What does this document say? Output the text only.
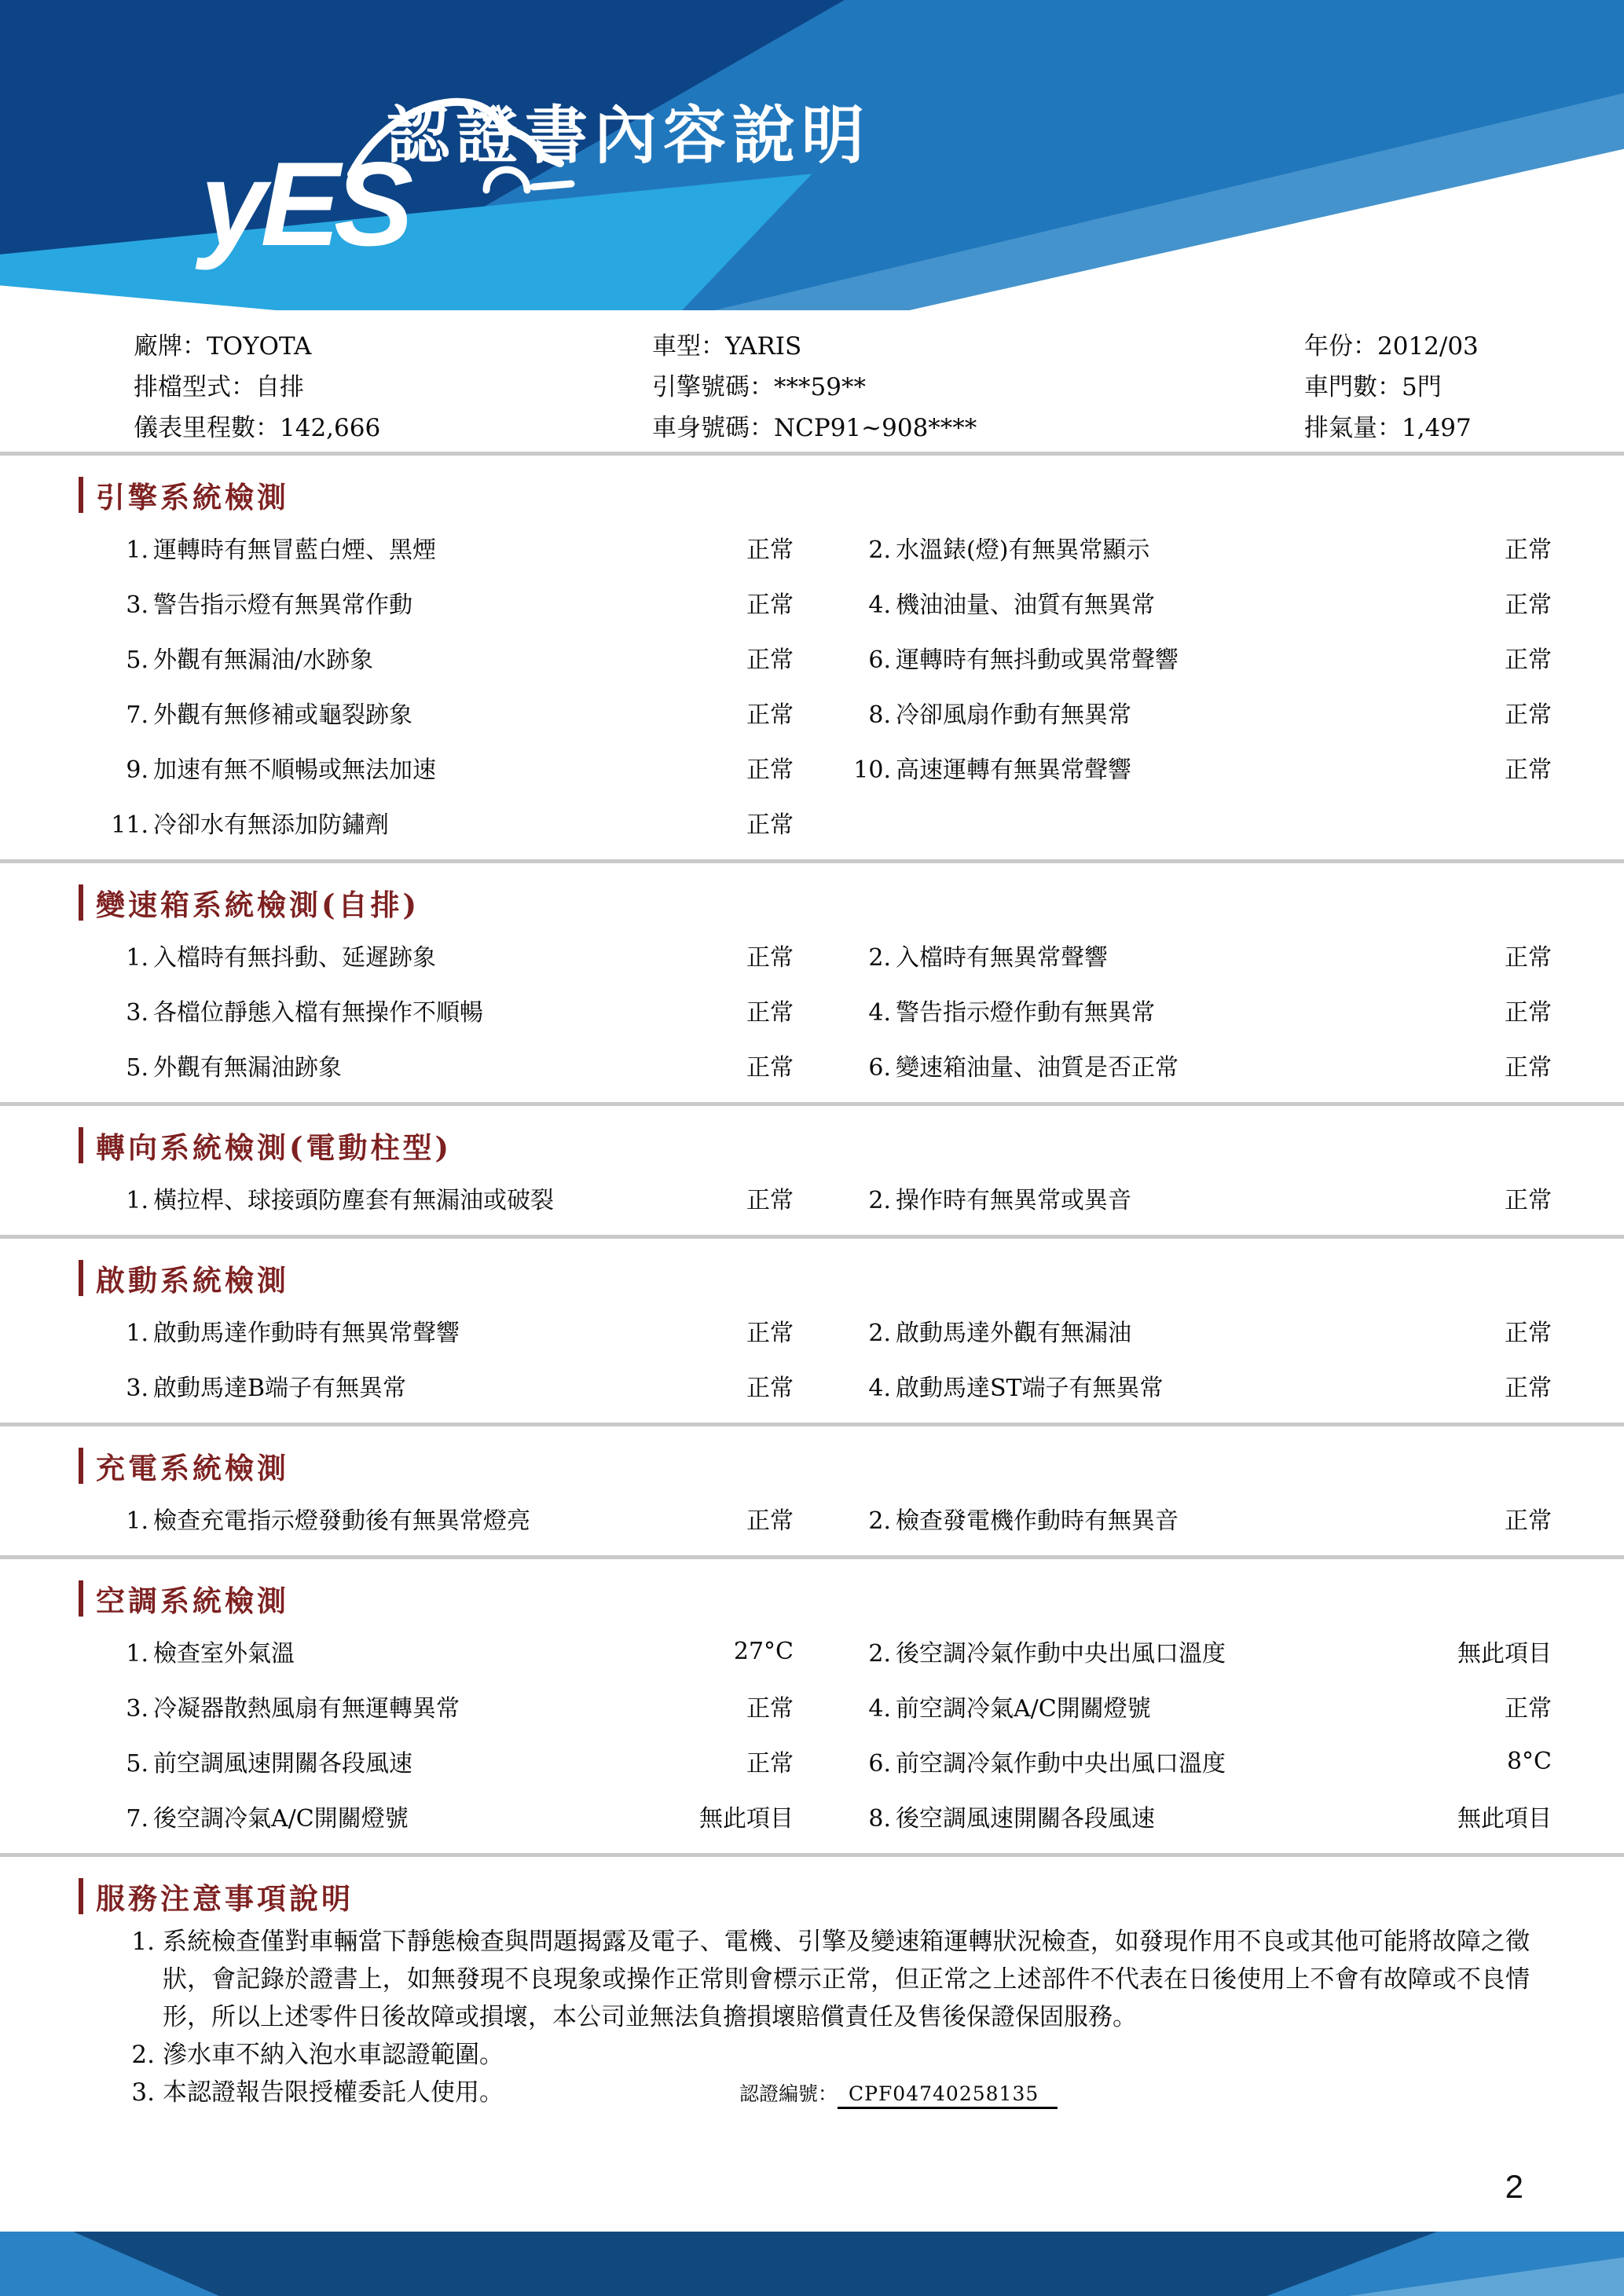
yES
認證書內容說明
廠牌：TOYOTA	車型：YARIS	年份：2012/03
排檔型式：自排	引擎號碼：***59**	車門數：5門
儀表里程數：142,666	車身號碼：NCP91~908****	排氣量：1,497
引擎系統檢測
1. 運轉時有無冒藍白煙、黑煙	正常	2. 水溫錶(燈)有無異常顯示	正常
3. 警告指示燈有無異常作動	正常	4. 機油油量、油質有無異常	正常
5. 外觀有無漏油/水跡象	正常	6. 運轉時有無抖動或異常聲響	正常
7. 外觀有無修補或龜裂跡象	正常	8. 冷卻風扇作動有無異常	正常
9. 加速有無不順暢或無法加速	正常	10. 高速運轉有無異常聲響	正常
11. 冷卻水有無添加防鏽劑	正常
變速箱系統檢測(自排)
1. 入檔時有無抖動、延遲跡象	正常	2. 入檔時有無異常聲響	正常
3. 各檔位靜態入檔有無操作不順暢	正常	4. 警告指示燈作動有無異常	正常
5. 外觀有無漏油跡象	正常	6. 變速箱油量、油質是否正常	正常
轉向系統檢測(電動柱型)
1. 橫拉桿、球接頭防塵套有無漏油或破裂	正常	2. 操作時有無異常或異音	正常
啟動系統檢測
1. 啟動馬達作動時有無異常聲響	正常	2. 啟動馬達外觀有無漏油	正常
3. 啟動馬達B端子有無異常	正常	4. 啟動馬達ST端子有無異常	正常
充電系統檢測
1. 檢查充電指示燈發動後有無異常燈亮	正常	2. 檢查發電機作動時有無異音	正常
空調系統檢測
1. 檢查室外氣溫	27°C	2. 後空調冷氣作動中央出風口溫度	無此項目
3. 冷凝器散熱風扇有無運轉異常	正常	4. 前空調冷氣A/C開關燈號	正常
5. 前空調風速開關各段風速	正常	6. 前空調冷氣作動中央出風口溫度	8°C
7. 後空調冷氣A/C開關燈號	無此項目	8. 後空調風速開關各段風速	無此項目
服務注意事項說明
1. 系統檢查僅對車輛當下靜態檢查與問題揭露及電子、電機、引擎及變速箱運轉狀況檢查，如發現作用不良或其他可能將故障之徵狀，會記錄於證書上，如無發現不良現象或操作正常則會標示正常，但正常之上述部件不代表在日後使用上不會有故障或不良情形，所以上述零件日後故障或損壞，本公司並無法負擔損壞賠償責任及售後保證保固服務。
2. 滲水車不納入泡水車認證範圍。
3. 本認證報告限授權委託人使用。	認證編號： CPF04740258135
2
